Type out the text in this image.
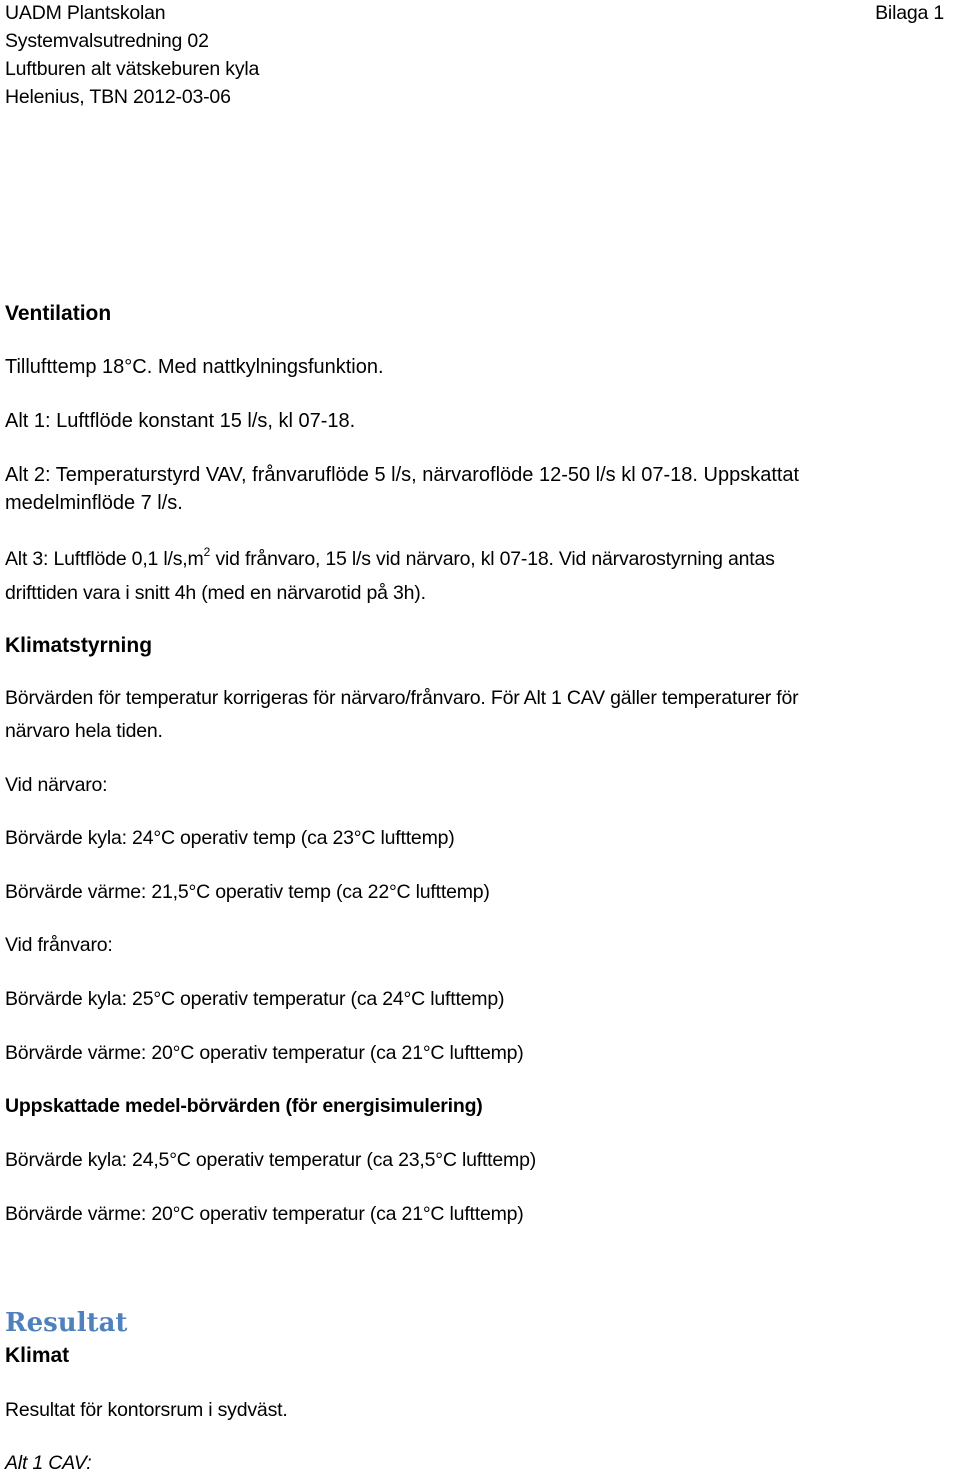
UADM Plantskolan
Systemvalsutredning 02
Luftburen alt vätskeburen kyla
Helenius, TBN 2012-03-06
Bilaga 1
Ventilation
Tillufttemp 18°C. Med nattkylningsfunktion.
Alt 1: Luftflöde konstant 15 l/s, kl 07-18.
Alt 2: Temperaturstyrd VAV, frånvaruflöde 5 l/s, närvaroflöde 12-50 l/s kl 07-18. Uppskattat
medelminflöde 7 l/s.
Alt 3: Luftflöde 0,1 $l/s,m^2$ vid frånvaro, 15 l/s vid närvaro, kl 07-18. Vid närvarostyrning antas
drifttiden vara i snitt 4h (med en närvarotid på 3h).
Klimatstyrning
Börvärden för temperatur korrigeras för närvaro/frånvaro. För Alt 1 CAV gäller temperaturer för
närvaro hela tiden.
Vid närvaro:
Börvärde kyla: 24°C operativ temp (ca 23°C lufttemp)
Börvärde värme: 21,5°C operativ temp (ca 22°C lufttemp)
Vid frånvaro:
Börvärde kyla: 25°C operativ temperatur (ca 24°C lufttemp)
Börvärde värme: 20°C operativ temperatur (ca 21°C lufttemp)
Uppskattade medel-börvärden (för energisimulering)
Börvärde kyla: 24,5°C operativ temperatur (ca 23,5°C lufttemp)
Börvärde värme: 20°C operativ temperatur (ca 21°C lufttemp)
Resultat
Klimat
Resultat för kontorsrum i sydväst.
Alt 1 CAV:
